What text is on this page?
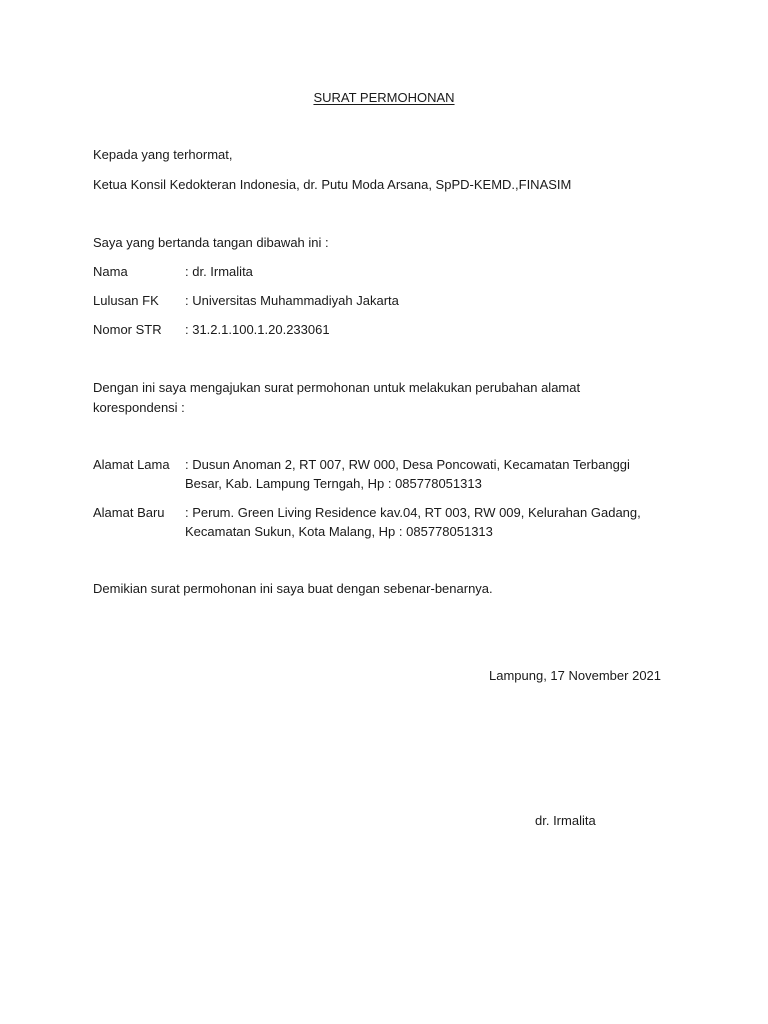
SURAT PERMOHONAN
Kepada yang terhormat,
Ketua Konsil Kedokteran Indonesia, dr. Putu Moda Arsana, SpPD-KEMD.,FINASIM
Saya yang bertanda tangan dibawah ini :
Nama	: dr. Irmalita
Lulusan FK : Universitas Muhammadiyah Jakarta
Nomor STR : 31.2.1.100.1.20.233061
Dengan ini saya mengajukan surat permohonan untuk melakukan perubahan alamat
korespondensi :
Alamat Lama : Dusun Anoman 2, RT 007, RW 000, Desa Poncowati, Kecamatan Terbanggi
Besar, Kab. Lampung Terngah, Hp : 085778051313
Alamat Baru : Perum. Green Living Residence kav.04, RT 003, RW 009, Kelurahan Gadang,
Kecamatan Sukun, Kota Malang, Hp : 085778051313
Demikian surat permohonan ini saya buat dengan sebenar-benarnya.
Lampung, 17 November 2021
dr. Irmalita
